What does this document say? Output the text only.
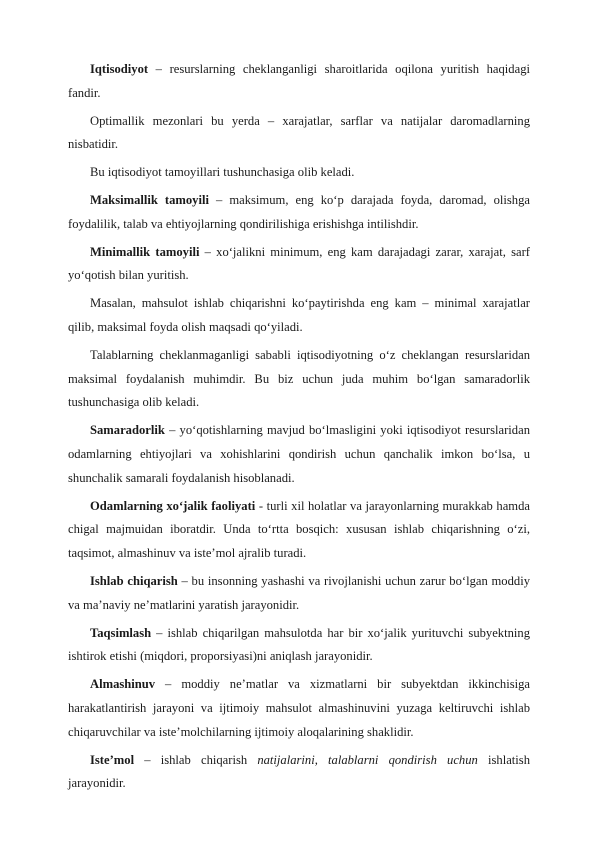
Iqtisodiyot – resurslarning cheklanganligi sharoitlarida oqilona yuritish haqidagi fandir.

Optimallik mezonlari bu yerda – xarajatlar, sarflar va natijalar daromadlarning nisbatidir.

Bu iqtisodiyot tamoyillari tushunchasiga olib keladi.

Maksimallik tamoyili – maksimum, eng ko‘p darajada foyda, daromad, olishga foydalilik, talab va ehtiyojlarning qondirilishiga erishishga intilishdir.

Minimallik tamoyili – xo‘jalikni minimum, eng kam darajadagi zarar, xarajat, sarf yo‘qotish bilan yuritish.

Masalan, mahsulot ishlab chiqarishni ko‘paytirishda eng kam – minimal xarajatlar qilib, maksimal foyda olish maqsadi qo‘yiladi.

Talablarning cheklanmaganligi sababli iqtisodiyotning o‘z cheklangan resurslaridan maksimal foydalanish muhimdir. Bu biz uchun juda muhim bo‘lgan samaradorlik tushunchasiga olib keladi.

Samaradorlik – yo‘qotishlarning mavjud bo‘lmasligini yoki iqtisodiyot resurslaridan odamlarning ehtiyojlari va xohishlarini qondirish uchun qanchalik imkon bo‘lsa, u shunchalik samarali foydalanish hisoblanadi.

Odamlarning xo‘jalik faoliyati - turli xil holatlar va jarayonlarning murakkab hamda chigal majmuidan iboratdir. Unda to‘rtta bosqich: xususan ishlab chiqarishning o‘zi, taqsimot, almashinuv va iste’mol ajralib turadi.

Ishlab chiqarish – bu insonning yashashi va rivojlanishi uchun zarur bo‘lgan moddiy va ma’naviy ne’matlarini yaratish jarayonidir.

Taqsimlash – ishlab chiqarilgan mahsulotda har bir xo‘jalik yurituvchi subyektning ishtirok etishi (miqdori, proporsiyasi)ni aniqlash jarayonidir.

Almashinuv – moddiy ne’matlar va xizmatlarni bir subyektdan ikkinchisiga harakatlantirish jarayoni va ijtimoiy mahsulot almashinuvini yuzaga keltiruvchi ishlab chiqaruvchilar va iste’molchilarning ijtimoiy aloqalarining shaklidir.

Iste’mol – ishlab chiqarish natijalarini, talablarni qondirish uchun ishlatish jarayonidir.
